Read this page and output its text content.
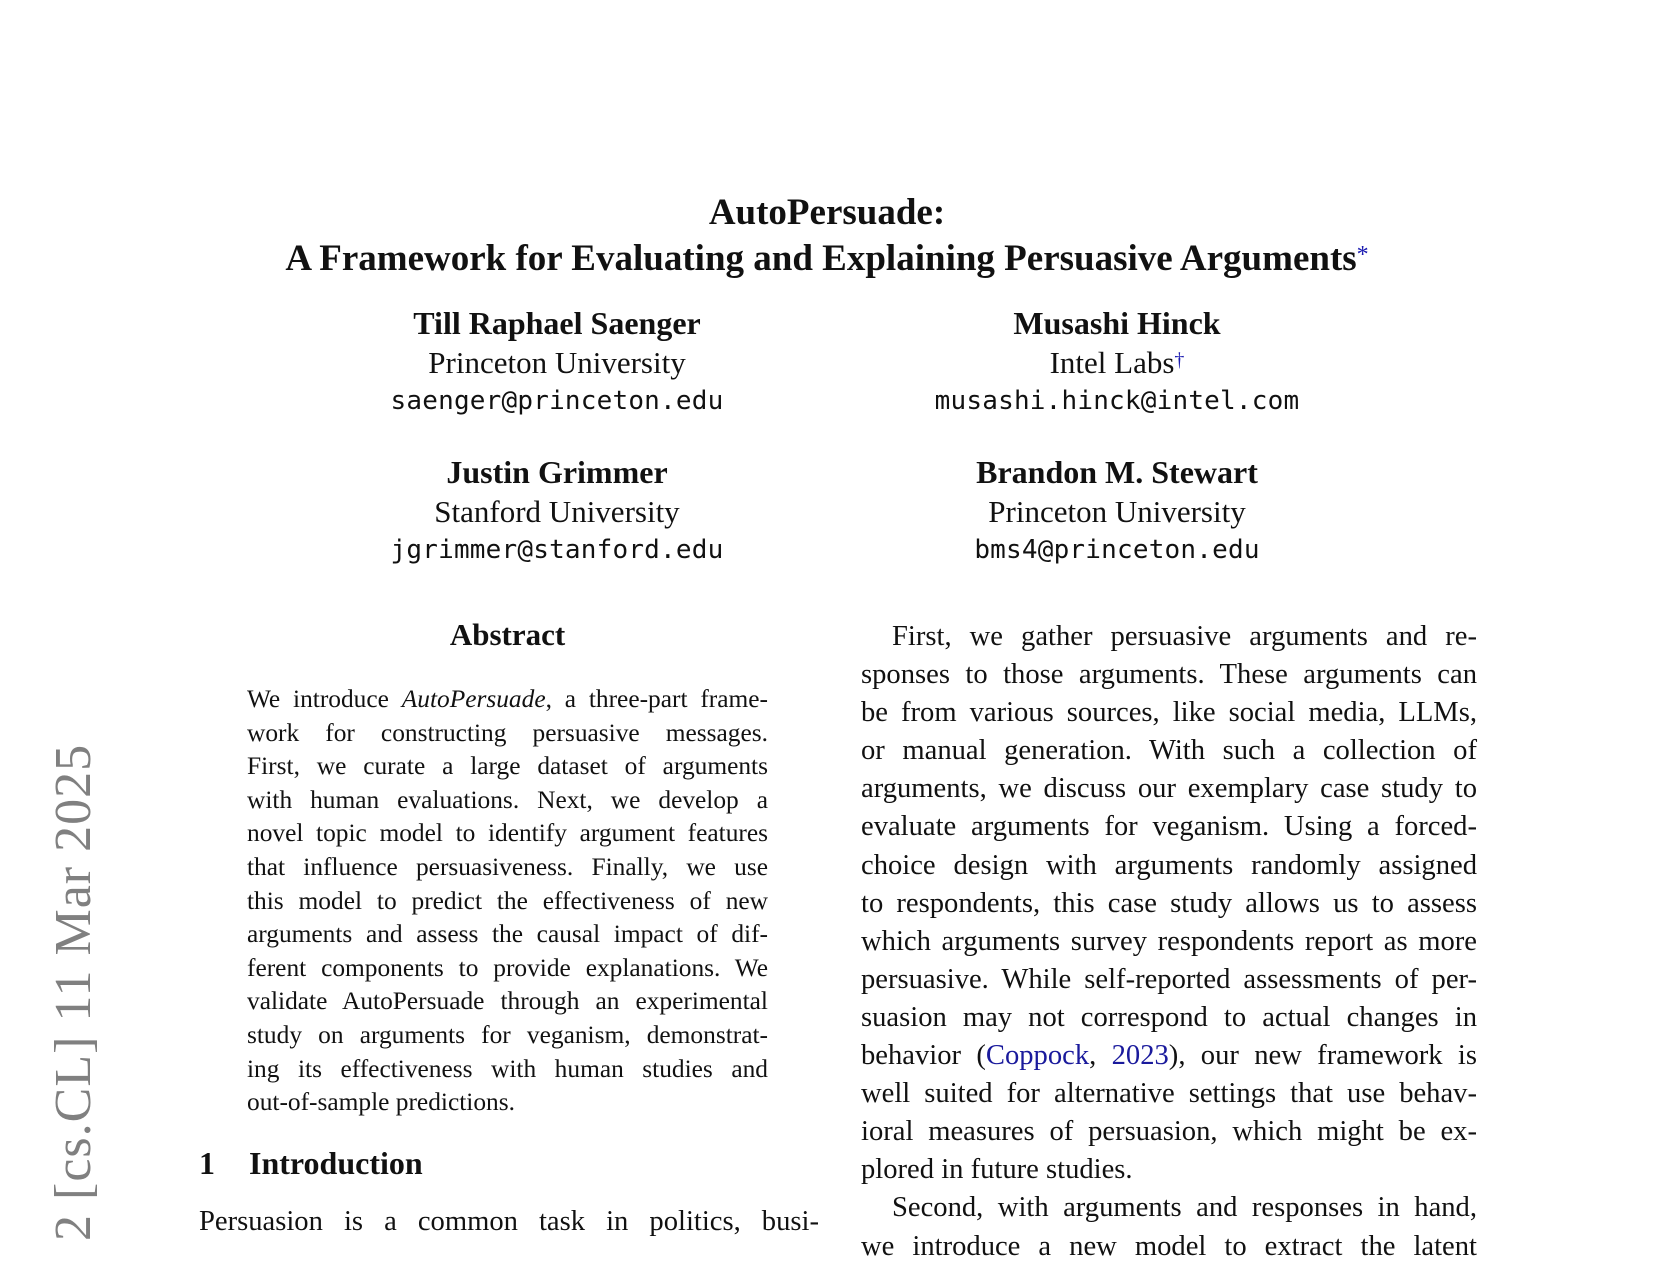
2 [cs.CL] 11 Mar 2025
AutoPersuade:
A Framework for Evaluating and Explaining Persuasive Arguments*
Till Raphael Saenger
Princeton University
saenger@princeton.edu
Musashi Hinck
Intel Labs†
musashi.hinck@intel.com
Justin Grimmer
Stanford University
jgrimmer@stanford.edu
Brandon M. Stewart
Princeton University
bms4@princeton.edu
Abstract
We introduce AutoPersuade, a three-part frame-
work for constructing persuasive messages.
First, we curate a large dataset of arguments
with human evaluations. Next, we develop a
novel topic model to identify argument features
that influence persuasiveness. Finally, we use
this model to predict the effectiveness of new
arguments and assess the causal impact of dif-
ferent components to provide explanations. We
validate AutoPersuade through an experimental
study on arguments for veganism, demonstrat-
ing its effectiveness with human studies and
out-of-sample predictions.
1 Introduction
Persuasion is a common task in politics, busi-
First, we gather persuasive arguments and re-
sponses to those arguments. These arguments can
be from various sources, like social media, LLMs,
or manual generation. With such a collection of
arguments, we discuss our exemplary case study to
evaluate arguments for veganism. Using a forced-
choice design with arguments randomly assigned
to respondents, this case study allows us to assess
which arguments survey respondents report as more
persuasive. While self-reported assessments of per-
suasion may not correspond to actual changes in
behavior (Coppock, 2023), our new framework is
well suited for alternative settings that use behav-
ioral measures of persuasion, which might be ex-
plored in future studies.
Second, with arguments and responses in hand,
we introduce a new model to extract the latent
